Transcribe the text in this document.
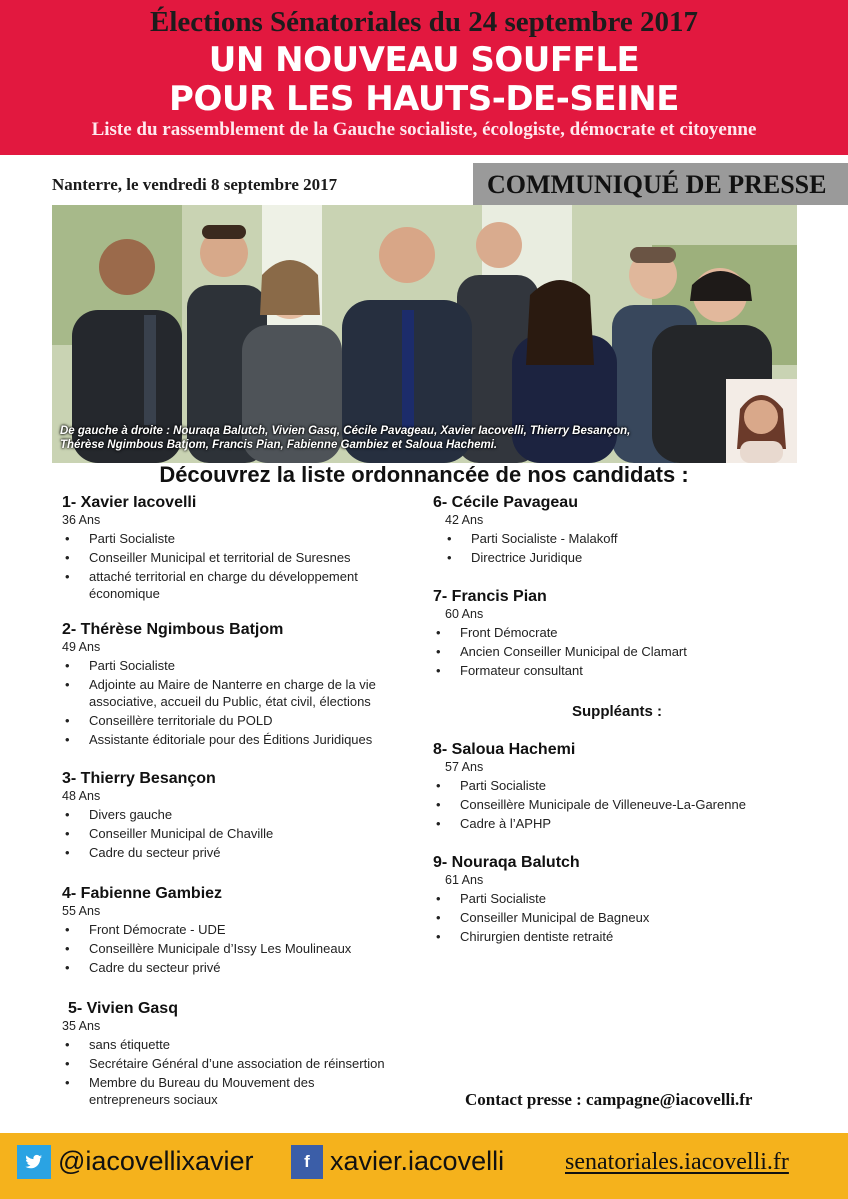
Élections Sénatoriales du 24 septembre 2017
UN NOUVEAU SOUFFLE
POUR LES HAUTS-DE-SEINE
Liste du rassemblement de la Gauche socialiste, écologiste, démocrate et citoyenne
Nanterre, le vendredi 8 septembre 2017	COMMUNIQUÉ DE PRESSE
De gauche à droite : Nouraqa Balutch, Vivien Gasq, Cécile Pavageau, Xavier Iacovelli, Thierry Besançon,
Thérèse Ngimbous Batjom, Francis Pian, Fabienne Gambiez et Saloua Hachemi.
Découvrez la liste ordonnancée de nos candidats :
1- Xavier Iacovelli
36 Ans
• Parti Socialiste
• Conseiller Municipal et territorial de Suresnes
• attaché territorial en charge du développement économique
2- Thérèse Ngimbous Batjom
49 Ans
• Parti Socialiste
• Adjointe au Maire de Nanterre en charge de la vie associative, accueil du Public, état civil, élections
• Conseillère territoriale du POLD
• Assistante éditoriale pour des Éditions Juridiques
3- Thierry Besançon
48 Ans
• Divers gauche
• Conseiller Municipal de Chaville
• Cadre du secteur privé
4- Fabienne Gambiez
55 Ans
• Front Démocrate - UDE
• Conseillère Municipale d’Issy Les Moulineaux
• Cadre du secteur privé
5- Vivien Gasq
35 Ans
• sans étiquette
• Secrétaire Général d’une association de réinsertion
• Membre du Bureau du Mouvement des entrepreneurs sociaux
6- Cécile Pavageau
42 Ans
• Parti Socialiste - Malakoff
• Directrice Juridique
7- Francis Pian
60 Ans
• Front Démocrate
• Ancien Conseiller Municipal de Clamart
• Formateur consultant
8- Saloua Hachemi
57 Ans
• Parti Socialiste
• Conseillère Municipale de Villeneuve-La-Garenne
• Cadre à l’APHP
9- Nouraqa Balutch
61 Ans
• Parti Socialiste
• Conseiller Municipal de Bagneux
• Chirurgien dentiste retraité
Suppléants :
Contact presse : campagne@iacovelli.fr
@iacovellixavier	f xavier.iacovelli	senatoriales.iacovelli.fr
